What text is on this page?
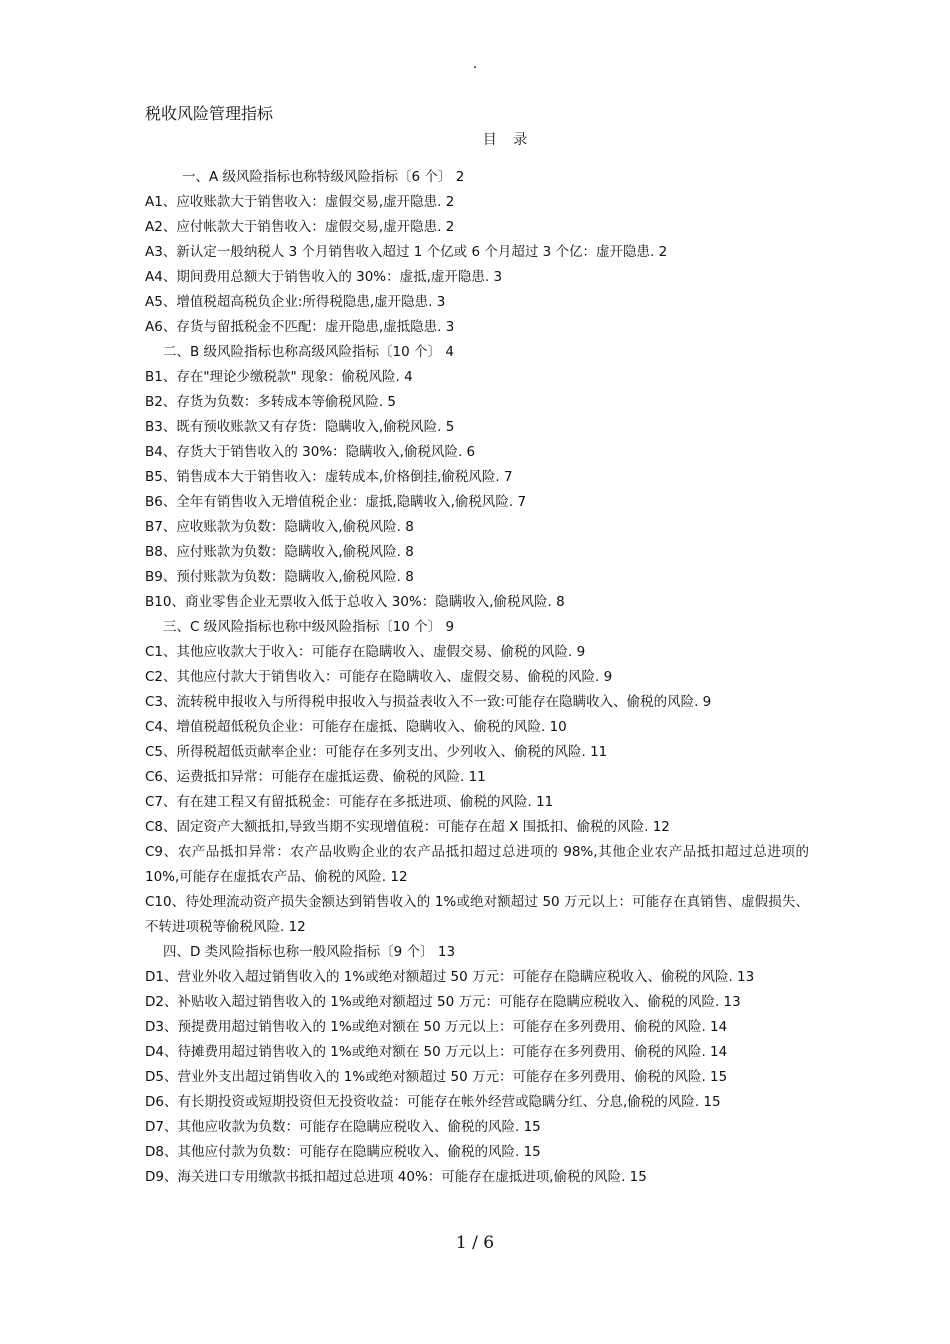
.
税收风险管理指标
目 录
一、A 级风险指标也称特级风险指标〔6 个〕 2
A1、应收账款大于销售收入：虚假交易,虚开隐患. 2
A2、应付帐款大于销售收入：虚假交易,虚开隐患. 2
A3、新认定一般纳税人 3 个月销售收入超过 1 个亿或 6 个月超过 3 个亿：虚开隐患. 2
A4、期间费用总额大于销售收入的 30%：虚抵,虚开隐患. 3
A5、增值税超高税负企业:所得税隐患,虚开隐患. 3
A6、存货与留抵税金不匹配：虚开隐患,虚抵隐患. 3
二、B 级风险指标也称高级风险指标〔10 个〕 4
B1、存在"理论少缴税款" 现象：偷税风险. 4
B2、存货为负数：多转成本等偷税风险. 5
B3、既有预收账款又有存货：隐瞒收入,偷税风险. 5
B4、存货大于销售收入的 30%：隐瞒收入,偷税风险. 6
B5、销售成本大于销售收入：虚转成本,价格倒挂,偷税风险. 7
B6、全年有销售收入无增值税企业：虚抵,隐瞒收入,偷税风险. 7
B7、应收账款为负数：隐瞒收入,偷税风险. 8
B8、应付账款为负数：隐瞒收入,偷税风险. 8
B9、预付账款为负数：隐瞒收入,偷税风险. 8
B10、商业零售企业无票收入低于总收入 30%：隐瞒收入,偷税风险. 8
三、C 级风险指标也称中级风险指标〔10 个〕 9
C1、其他应收款大于收入：可能存在隐瞒收入、虚假交易、偷税的风险. 9
C2、其他应付款大于销售收入：可能存在隐瞒收入、虚假交易、偷税的风险. 9
C3、流转税申报收入与所得税申报收入与损益表收入不一致:可能存在隐瞒收入、偷税的风险. 9
C4、增值税超低税负企业：可能存在虚抵、隐瞒收入、偷税的风险. 10
C5、所得税超低贡献率企业：可能存在多列支出、少列收入、偷税的风险. 11
C6、运费抵扣异常：可能存在虚抵运费、偷税的风险. 11
C7、有在建工程又有留抵税金：可能存在多抵进项、偷税的风险. 11
C8、固定资产大额抵扣,导致当期不实现增值税：可能存在超 X 围抵扣、偷税的风险. 12
C9、农产品抵扣异常：农产品收购企业的农产品抵扣超过总进项的 98%,其他企业农产品抵扣超过总进项的 10%,可能存在虚抵农产品、偷税的风险. 12
C10、待处理流动资产损失金额达到销售收入的 1%或绝对额超过 50 万元以上：可能存在真销售、虚假损失、不转进项税等偷税风险. 12
四、D 类风险指标也称一般风险指标〔9 个〕 13
D1、营业外收入超过销售收入的 1%或绝对额超过 50 万元：可能存在隐瞒应税收入、偷税的风险. 13
D2、补贴收入超过销售收入的 1%或绝对额超过 50 万元：可能存在隐瞒应税收入、偷税的风险. 13
D3、预提费用超过销售收入的 1%或绝对额在 50 万元以上：可能存在多列费用、偷税的风险. 14
D4、待摊费用超过销售收入的 1%或绝对额在 50 万元以上：可能存在多列费用、偷税的风险. 14
D5、营业外支出超过销售收入的 1%或绝对额超过 50 万元：可能存在多列费用、偷税的风险. 15
D6、有长期投资或短期投资但无投资收益：可能存在帐外经营或隐瞒分红、分息,偷税的风险. 15
D7、其他应收款为负数：可能存在隐瞒应税收入、偷税的风险. 15
D8、其他应付款为负数：可能存在隐瞒应税收入、偷税的风险. 15
D9、海关进口专用缴款书抵扣超过总进项 40%：可能存在虚抵进项,偷税的风险. 15
1 / 6
